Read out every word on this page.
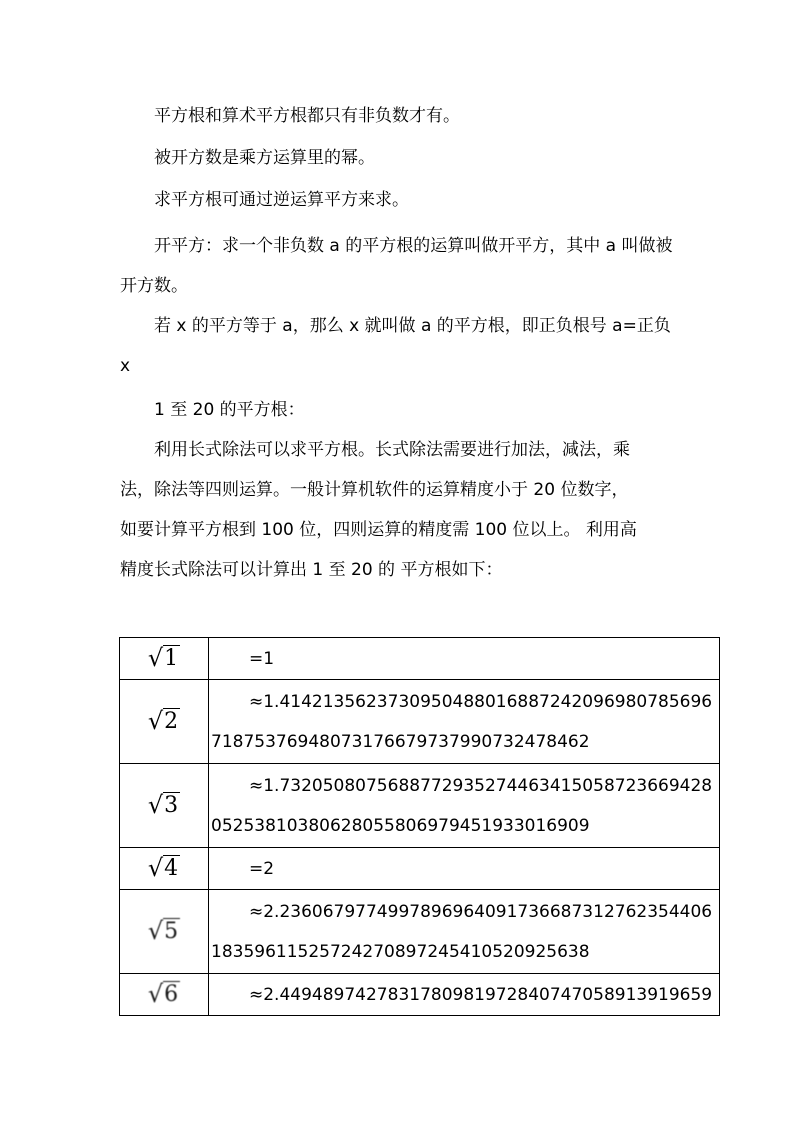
平方根和算术平方根都只有非负数才有。

被开方数是乘方运算里的幂。

求平方根可通过逆运算平方来求。

开平方：求一个非负数 a 的平方根的运算叫做开平方，其中 a 叫做被开方数。

若 x 的平方等于 a，那么 x 就叫做 a 的平方根，即正负根号 a=正负 x

1 至 20 的平方根：

利用长式除法可以求平方根。长式除法需要进行加法，减法，乘
法，除法等四则运算。一般计算机软件的运算精度小于 20 位数字，
如要计算平方根到 100 位，四则运算的精度需 100 位以上。 利用高
精度长式除法可以计算出 1 至 20 的 平方根如下：

√1	=1

√2	≈1.4142135623730950488016887242096980785696
7187537694807317667973799073247846​2

√3	≈1.7320508075688772935274463415058723669428
0525381038062805580697945193301690​9

√4	=2

√5	≈2.2360679774997896964091736687312762354406
1835961152572427089724541052092563​8

√6	≈2.4494897427831780981972840747058913919659
